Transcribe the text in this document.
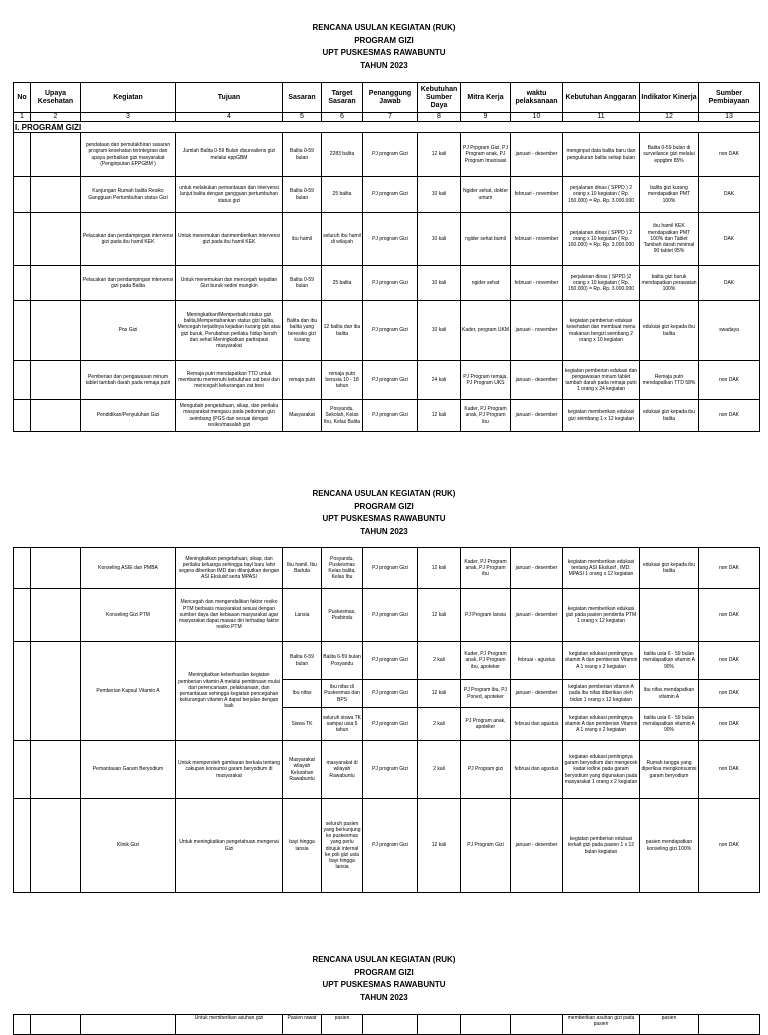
RENCANA USULAN KEGIATAN (RUK)
PROGRAM GIZI
UPT PUSKESMAS RAWABUNTU
TAHUN 2023
No	Upaya Kesehatan	Kegiatan	Tujuan	Sasaran	Target Sasaran	Penanggung Jawab	Kebutuhan Sumber Daya	Mitra Kerja	waktu pelaksanaan	Kebutuhan Anggaran	Indikator Kinerja	Sumber Pembiayaan
1	2	3	4	5	6	7	8	9	10	11	12	13
I. PROGRAM GIZI												
		pendataan dan pemutakhiran sasaran program kesehatan terintegrasi dan upaya perbaikan gizi masyarakat (Penginputan EPPGBM )	Jumlah Balita 0-59 Bulan disurvailens gizi melalui eppGBM	Balita 0-59 bulan	2283 balita	PJ program Gizi	12 kali	PJ Prpgram Gizi, PJ Program anak, PJ Program Imunisasi	januari - desember	menginput data balita baru dan pengukuran balita setiap bulan	Balita 0-59 bulan di surveilance gizi melalui eppgbm 85%	non DAK
		Kunjungan Rumah balita Resiko Gangguan Pertumbuhan status Gizi	untuk melakukan pemantauan dan intervensi lanjut balita dengan gangguan pertumbuhan status gizi	Balita 0-59 bulan	25 balita	PJ program Gizi	10 kali	Ngider sehat, dokter umum	februari - november	perjalanan dinas ( SPPD ) 2 orang x 10 kegiatan ( Rp. 150.000) = Rp. Rp. 3.000.000	balita gizi kurang mendapatkan PMT 100%	DAK
		Pelacakan dan pendampingan intervensi gizi pada ibu hamil KEK	Untuk menemukan danmemberikan intervensi gizi pada ibu hamil KEK	ibu hamil	seluruh ibu hamil di wilayah	PJ program Gizi	10 kali	ngider sehat bumil	februari - november	perjalanan dinas ( SPPD ) 2 orang x 10 kegiatan ( Rp. 150.000) = Rp. Rp. 3.000.000	ibu hamil KEK mendapatkan PMT 100% dan Tablet Tambah darah minimal 90 tablet 95%	DAK
		Pelacakan dan pendampingan intervensi gizi pada Balita	Untuk menemukan dan mencegah kejadian Gizi buruk sedini mungkin	Balita 0-59 bulan	25 balita	PJ program Gizi	10 kali	ngider sehat	februari - november	perjalanan dinas ( SPPD )2 orang x 10 kegiatan ( Rp. 150.000) = Rp. Rp. 3.000.000	balita gizi buruk mendapatkan perawatan 100%	DAK
		Pos Gizi	Meningkatkan/Memperbaiki status gizi balita,Mempertahankan status gizi balita, Mencegah terjadinya kejadian kurang gizi atau gizi buruk, Perubahan perilaku hidup bersih dan sehat Meningkatkan partisipasi masyarakat	Balita dan ibu balita yang beresiko gizi kurang	12 balita dan ibu balita	PJ program Gizi	10 kali	Kader, program UKM	januari - november	kegiatan pemberian edukasi kesehatan dan membuat menu makanan bergizi seimbang 2 orang x 10 kegiatan	edukasi gizi kepada ibu balita	swadaya
		Pemberian dan pengawasan minum tablet tambah darah pada remaja putri	Remaja putri mendapatkan TTD untuk membantu memenuhi kebutuhan zat besi dan mencegah kekurangan zat besi	remaja putri	remaja putri berusia 10 - 18 tahun	PJ program Gizi	24 kali	PJ Program remaja, PJ Program UKS	januari - desember	kegiatan pemberian edukasi dan pengawasan minum tablet tambah darah pada remaja putri 1 orang x 24 kegiatan	Remaja putri mendapatkan TTD 58%	non DAK
		Pendidikan/Penyuluhan Gizi	Mengubah pengetahuan, sikap, dan perilaku masyarakat mengacu pada pedoman gizi seimbang (PGS dan sesuai dengan resiko/masalah gizi	Masyarakat	Posyandu, Sekolah, Kelas Ibu, Kelas Balita	PJ program Gizi	12 kali	Kader, PJ Program anak, PJ Program ibu	januari - desember	kegiatan memberikan edukasi gizi seimbang 1 x 12 kegiatan	edukasi gizi kepada ibu balita	non DAK
RENCANA USULAN KEGIATAN (RUK)
PROGRAM GIZI
UPT PUSKESMAS RAWABUNTU
TAHUN 2023
		Konseling ASIE dan PMBA	Meningkatkan pengetahuan, sikap, dan perilaku keluarga sehingga bayi baru lahir segera diberikan IMD dan dilanjutkan dengan ASI Eksluisf serta MPASI	Ibu hamil, Ibu Baduta	Posyandu, Puskesmas Kelas balita, Kelas Ibu	PJ program Gizi	12 kali	Kader, PJ Program anak, PJ Program ibu	januari - desember	kegiatan memberikan edukasi tentang ASI Ekslusif , IMD, MPASI 1 orang x 12 kegiatan	edukasi gizi kepada ibu balita	non DAK
		Konseling Gizi PTM	Mencegah dan mengendalikan faktor resiko PTM berbasis masyarakat sesuai dengan sumber daya dan kebiasan masyarakat agar masyarakat dapat mawas diri terhadap faktor resiko PTM	Lansia	Puskesmas, Posbindu	PJ program Gizi	12 kali	PJ Program lansia	januari - desember	kegiatan memberikan edukasi gizi pada pasien penderita PTM 1 orang x 12 kegiatan		non DAK
		Pemberian Kapsul Vitamin A	Meningkatkan keberhasilan kegiatan pemberian vitamin A melalui pembinaan mulai dari perencanaan, pelaksanaan, dan pemantauan sehingga kegiatan pencegahan kekurangan vitamin A dapat berjalan dengan baik	Balita 6-59 bulan	Balita 6-59 bulan Posyandu	PJ program Gizi	2 kali	Kader, PJ Program anak, PJ Program ibu, apoteker	februai - agustus	kegiatan edukasi pentingnya vitamin A dan pemberian Vitamin A 1 orang x 2 kegiatan	balita usia 6 - 59 bulan mendapatkan vitamin A 90%	non DAK
				Ibu nifas	ibu nifas di Puskesmas dan BPS	PJ program Gizi	12 kali	PJ Program ibu, PJ Poned, apoteker	januari - desember	kegiatan pemberian vitamin A pada ibu nifas diberikan oleh bidan 1 orang x 12 kegiatan	ibu nifas mendapatkan vitamin A	non DAK
				Siswa TK	seluruh siswa TK sampai usia 5 tahun	PJ program Gizi	2 kali	PJ Program anak, apoteker	februai dan agustus	kegiatan edukasi pentingnya vitamin A dan pemberian Vitamin A 1 orang x 2 kegiatan	balita usia 6 - 59 bulan mendapatkan vitamin A 90%	non DAK
		Pemantauan Garam Beryodium	Untuk memperoleh gambaran berkala tentang cakupan konsumsi garam beryodium di masyarakat	Masyarakat wilayah Kelurahan Rawabuntu	masyarakat di wilayah Rawabuntu	PJ program Gizi	2 kali	PJ Program gizi	februai dan agustus	kegiatan edukasi pentingnya garam beryodium dan mengecek kadar iodine pada garam beryodium yang digunakan pada masyarakat 1 orang x 2 kegiatan	Rumah tangga yang diperiksa mengkonsumsi garam beryodium	non DAK
		Klinik Gizi	Untuk meningkatkan pengetahuan mengenai Gizi	bayi hingga lansia	seluruh pasien yang berkunjung ke puskesmas yang perlu dirujuk internal ke poli gizi usia bayi hingga lansia	PJ program Gizi	12 kali	PJ Program Gizi	januari - desember	kegiatan pemberian edukasi terkait gizi pada pasien 1 x 12 bulan kegiatan	pasien mendapatkan konseling gizi 100%	non DAK
RENCANA USULAN KEGIATAN (RUK)
PROGRAM GIZI
UPT PUSKESMAS RAWABUNTU
TAHUN 2023
			Untuk memberikan asuhan gizi	Pasien rawat	pasien					memberikan asuhan gizi pada pasien	pasien	
